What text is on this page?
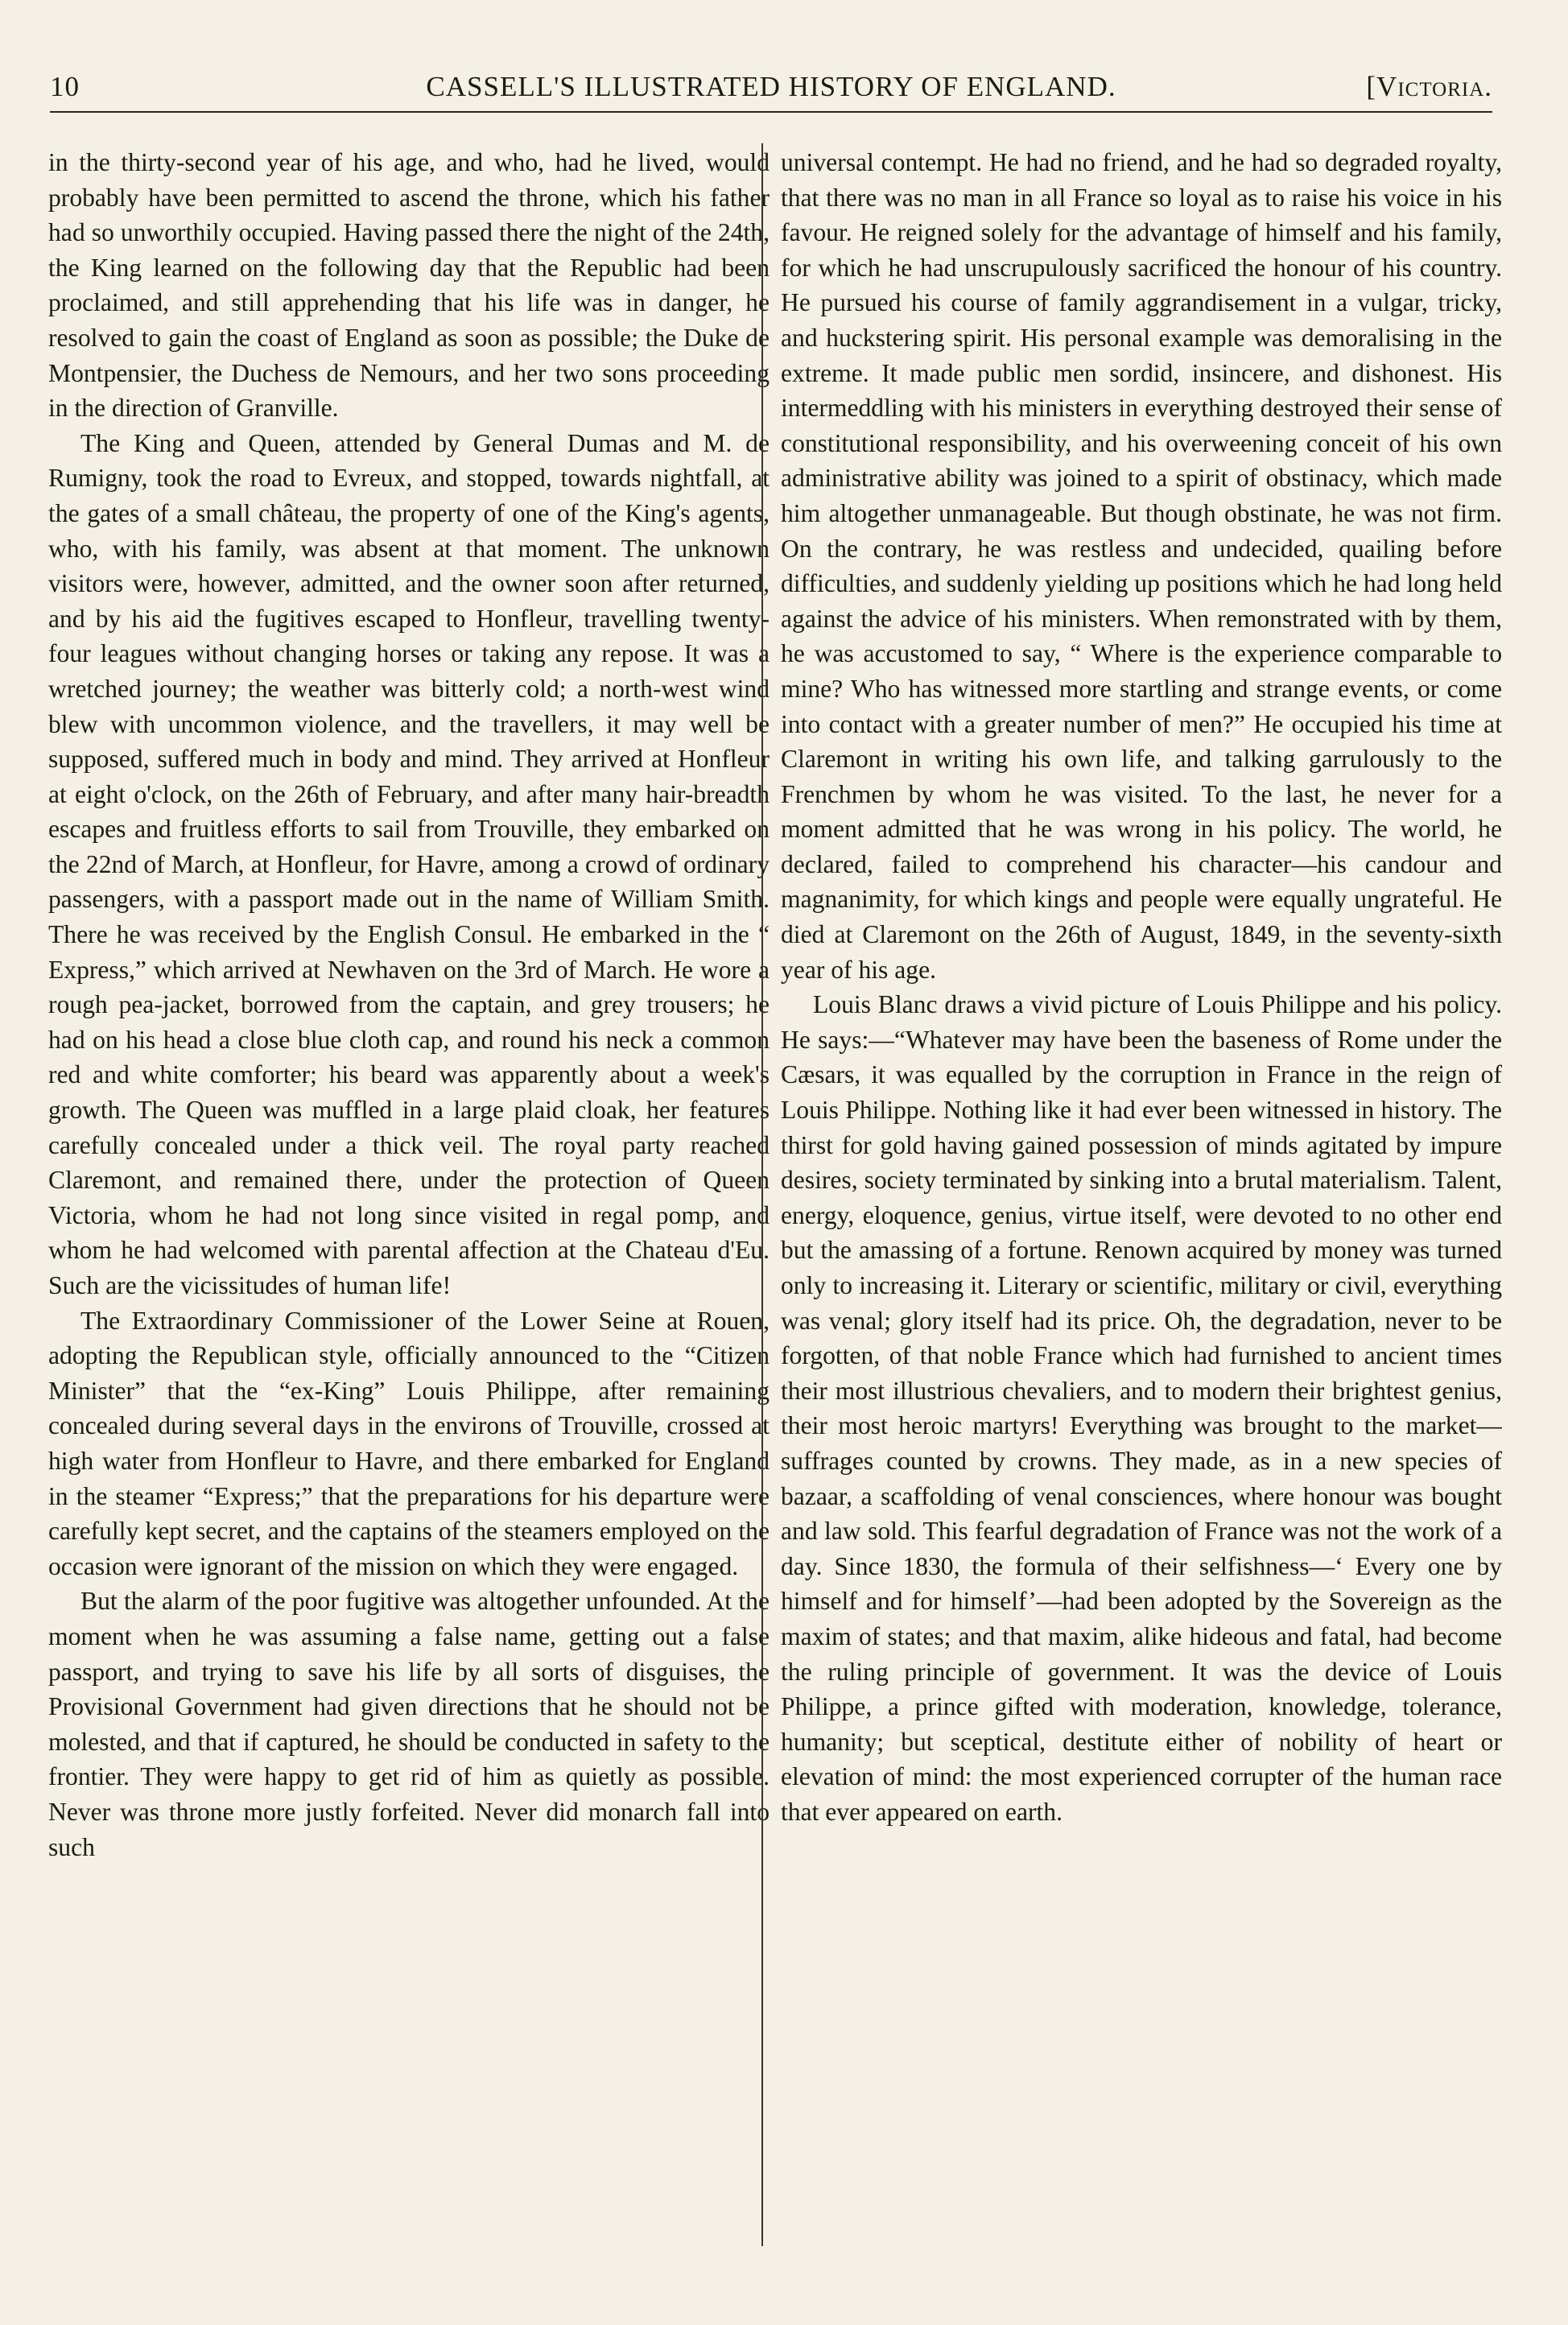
10	CASSELL'S ILLUSTRATED HISTORY OF ENGLAND.	[Victoria.

in the thirty-second year of his age, and who, had he lived, would probably have been permitted to ascend the throne, which his father had so unworthily occupied. Having passed there the night of the 24th, the King learned on the following day that the Republic had been proclaimed, and still apprehending that his life was in danger, he resolved to gain the coast of England as soon as possible; the Duke de Montpensier, the Duchess de Nemours, and her two sons proceeding in the direction of Granville.

The King and Queen, attended by General Dumas and M. de Rumigny, took the road to Evreux, and stopped, towards nightfall, at the gates of a small château, the property of one of the King's agents, who, with his family, was absent at that moment. The unknown visitors were, however, admitted, and the owner soon after returned, and by his aid the fugitives escaped to Honfleur, travelling twenty-four leagues without changing horses or taking any repose. It was a wretched journey; the weather was bitterly cold; a north-west wind blew with uncommon violence, and the travellers, it may well be supposed, suffered much in body and mind. They arrived at Honfleur at eight o'clock, on the 26th of February, and after many hair-breadth escapes and fruitless efforts to sail from Trouville, they embarked on the 22nd of March, at Honfleur, for Havre, among a crowd of ordinary passengers, with a passport made out in the name of William Smith. There he was received by the English Consul. He embarked in the “ Express,” which arrived at Newhaven on the 3rd of March. He wore a rough pea-jacket, borrowed from the captain, and grey trousers; he had on his head a close blue cloth cap, and round his neck a common red and white comforter; his beard was apparently about a week's growth. The Queen was muffled in a large plaid cloak, her features carefully concealed under a thick veil. The royal party reached Claremont, and remained there, under the protection of Queen Victoria, whom he had not long since visited in regal pomp, and whom he had welcomed with parental affection at the Chateau d'Eu. Such are the vicissitudes of human life!

The Extraordinary Commissioner of the Lower Seine at Rouen, adopting the Republican style, officially announced to the “Citizen Minister” that the “ex-King” Louis Philippe, after remaining concealed during several days in the environs of Trouville, crossed at high water from Honfleur to Havre, and there embarked for England in the steamer “Express;” that the preparations for his departure were carefully kept secret, and the captains of the steamers employed on the occasion were ignorant of the mission on which they were engaged.

But the alarm of the poor fugitive was altogether unfounded. At the moment when he was assuming a false name, getting out a false passport, and trying to save his life by all sorts of disguises, the Provisional Government had given directions that he should not be molested, and that if captured, he should be conducted in safety to the frontier. They were happy to get rid of him as quietly as possible. Never was throne more justly forfeited. Never did monarch fall into such

universal contempt. He had no friend, and he had so degraded royalty, that there was no man in all France so loyal as to raise his voice in his favour. He reigned solely for the advantage of himself and his family, for which he had unscrupulously sacrificed the honour of his country. He pursued his course of family aggrandisement in a vulgar, tricky, and huckstering spirit. His personal example was demoralising in the extreme. It made public men sordid, insincere, and dishonest. His intermeddling with his ministers in everything destroyed their sense of constitutional responsibility, and his overweening conceit of his own administrative ability was joined to a spirit of obstinacy, which made him altogether unmanageable. But though obstinate, he was not firm. On the contrary, he was restless and undecided, quailing before difficulties, and suddenly yielding up positions which he had long held against the advice of his ministers. When remonstrated with by them, he was accustomed to say, “ Where is the experience comparable to mine? Who has witnessed more startling and strange events, or come into contact with a greater number of men?” He occupied his time at Claremont in writing his own life, and talking garrulously to the Frenchmen by whom he was visited. To the last, he never for a moment admitted that he was wrong in his policy. The world, he declared, failed to comprehend his character—his candour and magnanimity, for which kings and people were equally ungrateful. He died at Claremont on the 26th of August, 1849, in the seventy-sixth year of his age.

Louis Blanc draws a vivid picture of Louis Philippe and his policy. He says:—“Whatever may have been the baseness of Rome under the Cæsars, it was equalled by the corruption in France in the reign of Louis Philippe. Nothing like it had ever been witnessed in history. The thirst for gold having gained possession of minds agitated by impure desires, society terminated by sinking into a brutal materialism. Talent, energy, eloquence, genius, virtue itself, were devoted to no other end but the amassing of a fortune. Renown acquired by money was turned only to increasing it. Literary or scientific, military or civil, everything was venal; glory itself had its price. Oh, the degradation, never to be forgotten, of that noble France which had furnished to ancient times their most illustrious chevaliers, and to modern their brightest genius, their most heroic martyrs! Everything was brought to the market—suffrages counted by crowns. They made, as in a new species of bazaar, a scaffolding of venal consciences, where honour was bought and law sold. This fearful degradation of France was not the work of a day. Since 1830, the formula of their selfishness—‘ Every one by himself and for himself’—had been adopted by the Sovereign as the maxim of states; and that maxim, alike hideous and fatal, had become the ruling principle of government. It was the device of Louis Philippe, a prince gifted with moderation, knowledge, tolerance, humanity; but sceptical, destitute either of nobility of heart or elevation of mind: the most experienced corrupter of the human race that ever appeared on earth.
